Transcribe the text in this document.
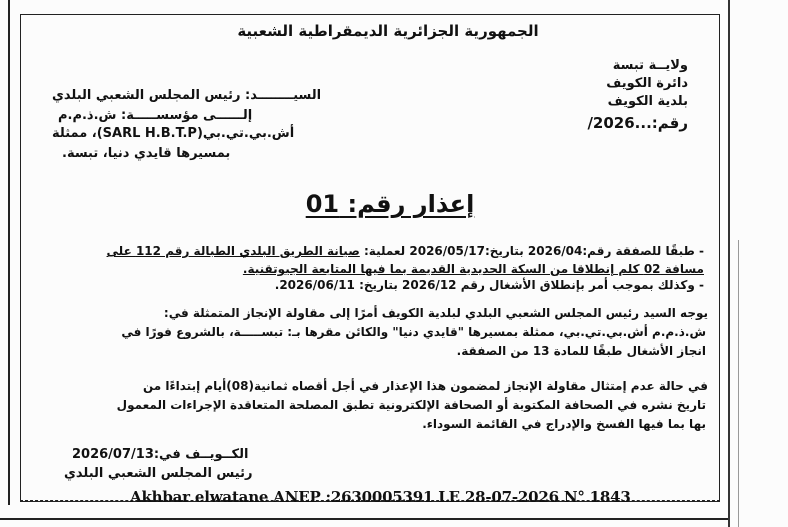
الجمهورية الجزائرية الديمقراطية الشعبية
ولايــة تبسة
دائرة الكويف
بلدية الكويف
رقم:...2026/
السيــــــــد: رئيس المجلس الشعبي البلدي
إلــــــى مؤسســـــة: ش.ذ.م.م
أش.بي.تي.بي(SARL H.B.T.P)، ممثلة
بمسيرها قايدي دنيا، تبسة.
إعذار رقم: 01
- طبقًا للصفقة رقم:2026/04 بتاريخ:2026/05/17 لعملية: صيانة الطريق البلدي الطبالة رقم 112 على
مسافة 02 كلم إنطلاقا من السكة الحديدية القديمة بما فيها المتابعة الجيوتقنية.
- وكذلك بموجب أمر بإنطلاق الأشغال رقم 2026/12 بتاريخ: 2026/06/11.
يوجه السيد رئيس المجلس الشعبي البلدي لبلدية الكويف أمرًا إلى مقاولة الإنجاز المتمثلة في:
ش.ذ.م.م أش.بي.تي.بي، ممثلة بمسيرها "قايدي دنيا" والكائن مقرها بـ: تبســـــة، بالشروع فورًا في
انجاز الأشغال طبقًا للمادة 13 من الصفقة.
في حالة عدم إمتثال مقاولة الإنجاز لمضمون هذا الإعذار في أجل أقصاه ثمانية(08)أيام إبتداءًا من
تاريخ نشره في الصحافة المكتوبة أو الصحافة الإلكترونية تطبق المصلحة المتعاقدة الإجراءات المعمول
بها بما فيها الفسخ والإدراج في القائمة السوداء.
الكــويــف في:2026/07/13
رئيس المجلس الشعبي البلدي
Akhbar elwatane ANEP :2630005391 LE 28-07-2026 N° 1843
